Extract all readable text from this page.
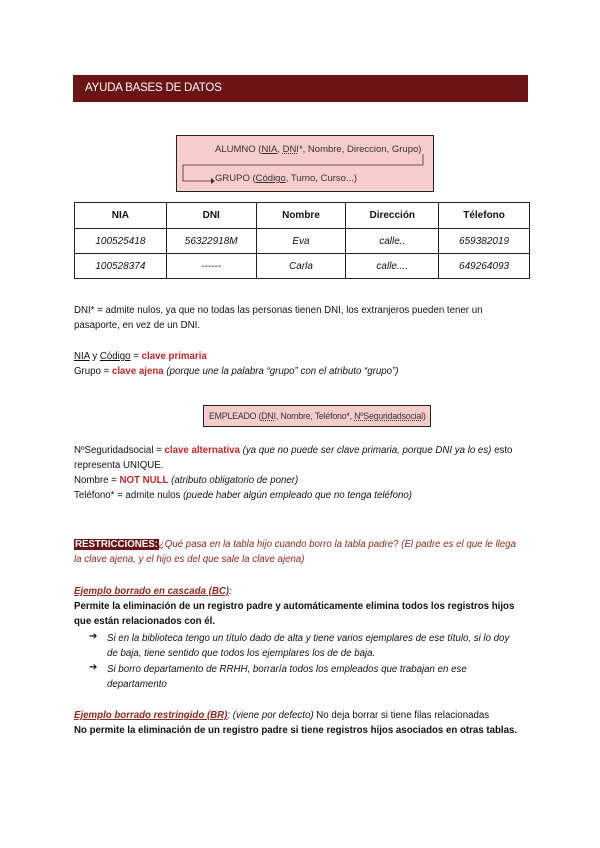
AYUDA BASES DE DATOS
ALUMNO (NIA, DNI*, Nombre, Direccion, Grupo)
GRUPO (Código, Turno, Curso...)
NIA	DNI	Nombre	Dirección	Télefono
100525418	56322918M	Eva	calle..	659382019
100528374	------	Carla	calle....	649264093
DNI* = admite nulos, ya que no todas las personas tienen DNI, los extranjeros pueden tener un
pasaporte, en vez de un DNI.
NIA y Código = clave primaria
Grupo = clave ajena (porque une la palabra “grupo” con el atributo “grupo”)
EMPLEADO (DNI, Nombre, Teléfono*, NºSeguridadsocial)
NºSeguridadsocial = clave alternativa (ya que no puede ser clave primaria, porque DNI ya lo es) esto
representa UNIQUE.
Nombre = NOT NULL (atributo obligatorio de poner)
Teléfono* = admite nulos (puede haber algún empleado que no tenga teléfono)
RESTRICCIONES:¿Qué pasa en la tabla hijo cuando borro la tabla padre? (El padre es el que le llega
la clave ajena, y el hijo es del que sale la clave ajena)
Ejemplo borrado en cascada (BC):
Permite la eliminación de un registro padre y automáticamente elimina todos los registros hijos
que están relacionados con él.
➔ Si en la biblioteca tengo un título dado de alta y tiene varios ejemplares de ese título, si lo doy
de baja, tiene sentido que todos los ejemplares los de de baja.
➔ Si borro departamento de RRHH, borraría todos los empleados que trabajan en ese
departamento
Ejemplo borrado restringido (BR): (viene por defecto) No deja borrar si tiene filas relacionadas
No permite la eliminación de un registro padre si tiene registros hijos asociados en otras tablas.
